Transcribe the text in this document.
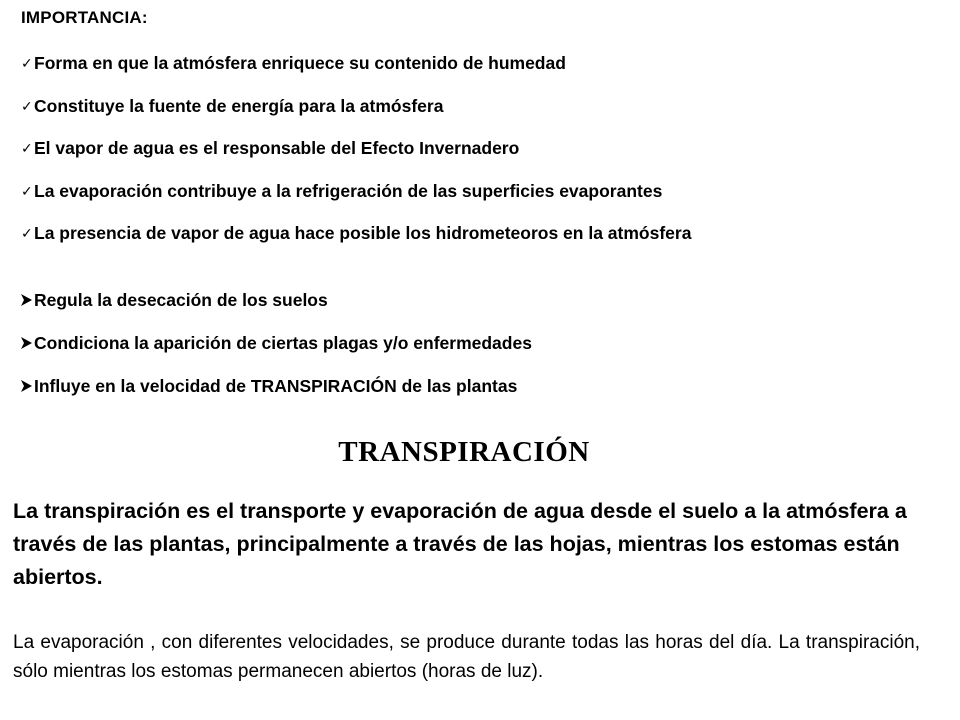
IMPORTANCIA:
✓ Forma en que la atmósfera enriquece su contenido de humedad
✓ Constituye la fuente de energía para la atmósfera
✓ El vapor de agua es el responsable del Efecto Invernadero
✓ La evaporación contribuye a la refrigeración de las superficies evaporantes
✓ La presencia de vapor de agua hace posible los hidrometeoros en la atmósfera
Regula la desecación de los suelos
Condiciona la aparición de ciertas plagas y/o enfermedades
Influye en la velocidad de TRANSPIRACIÓN de las plantas
TRANSPIRACIÓN

La transpiración es el transporte y evaporación de agua desde el suelo a la atmósfera a través de las plantas, principalmente a través de las hojas, mientras los estomas están abiertos.

La evaporación , con diferentes velocidades, se produce durante todas las horas del día. La transpiración, sólo mientras los estomas permanecen abiertos (horas de luz).
